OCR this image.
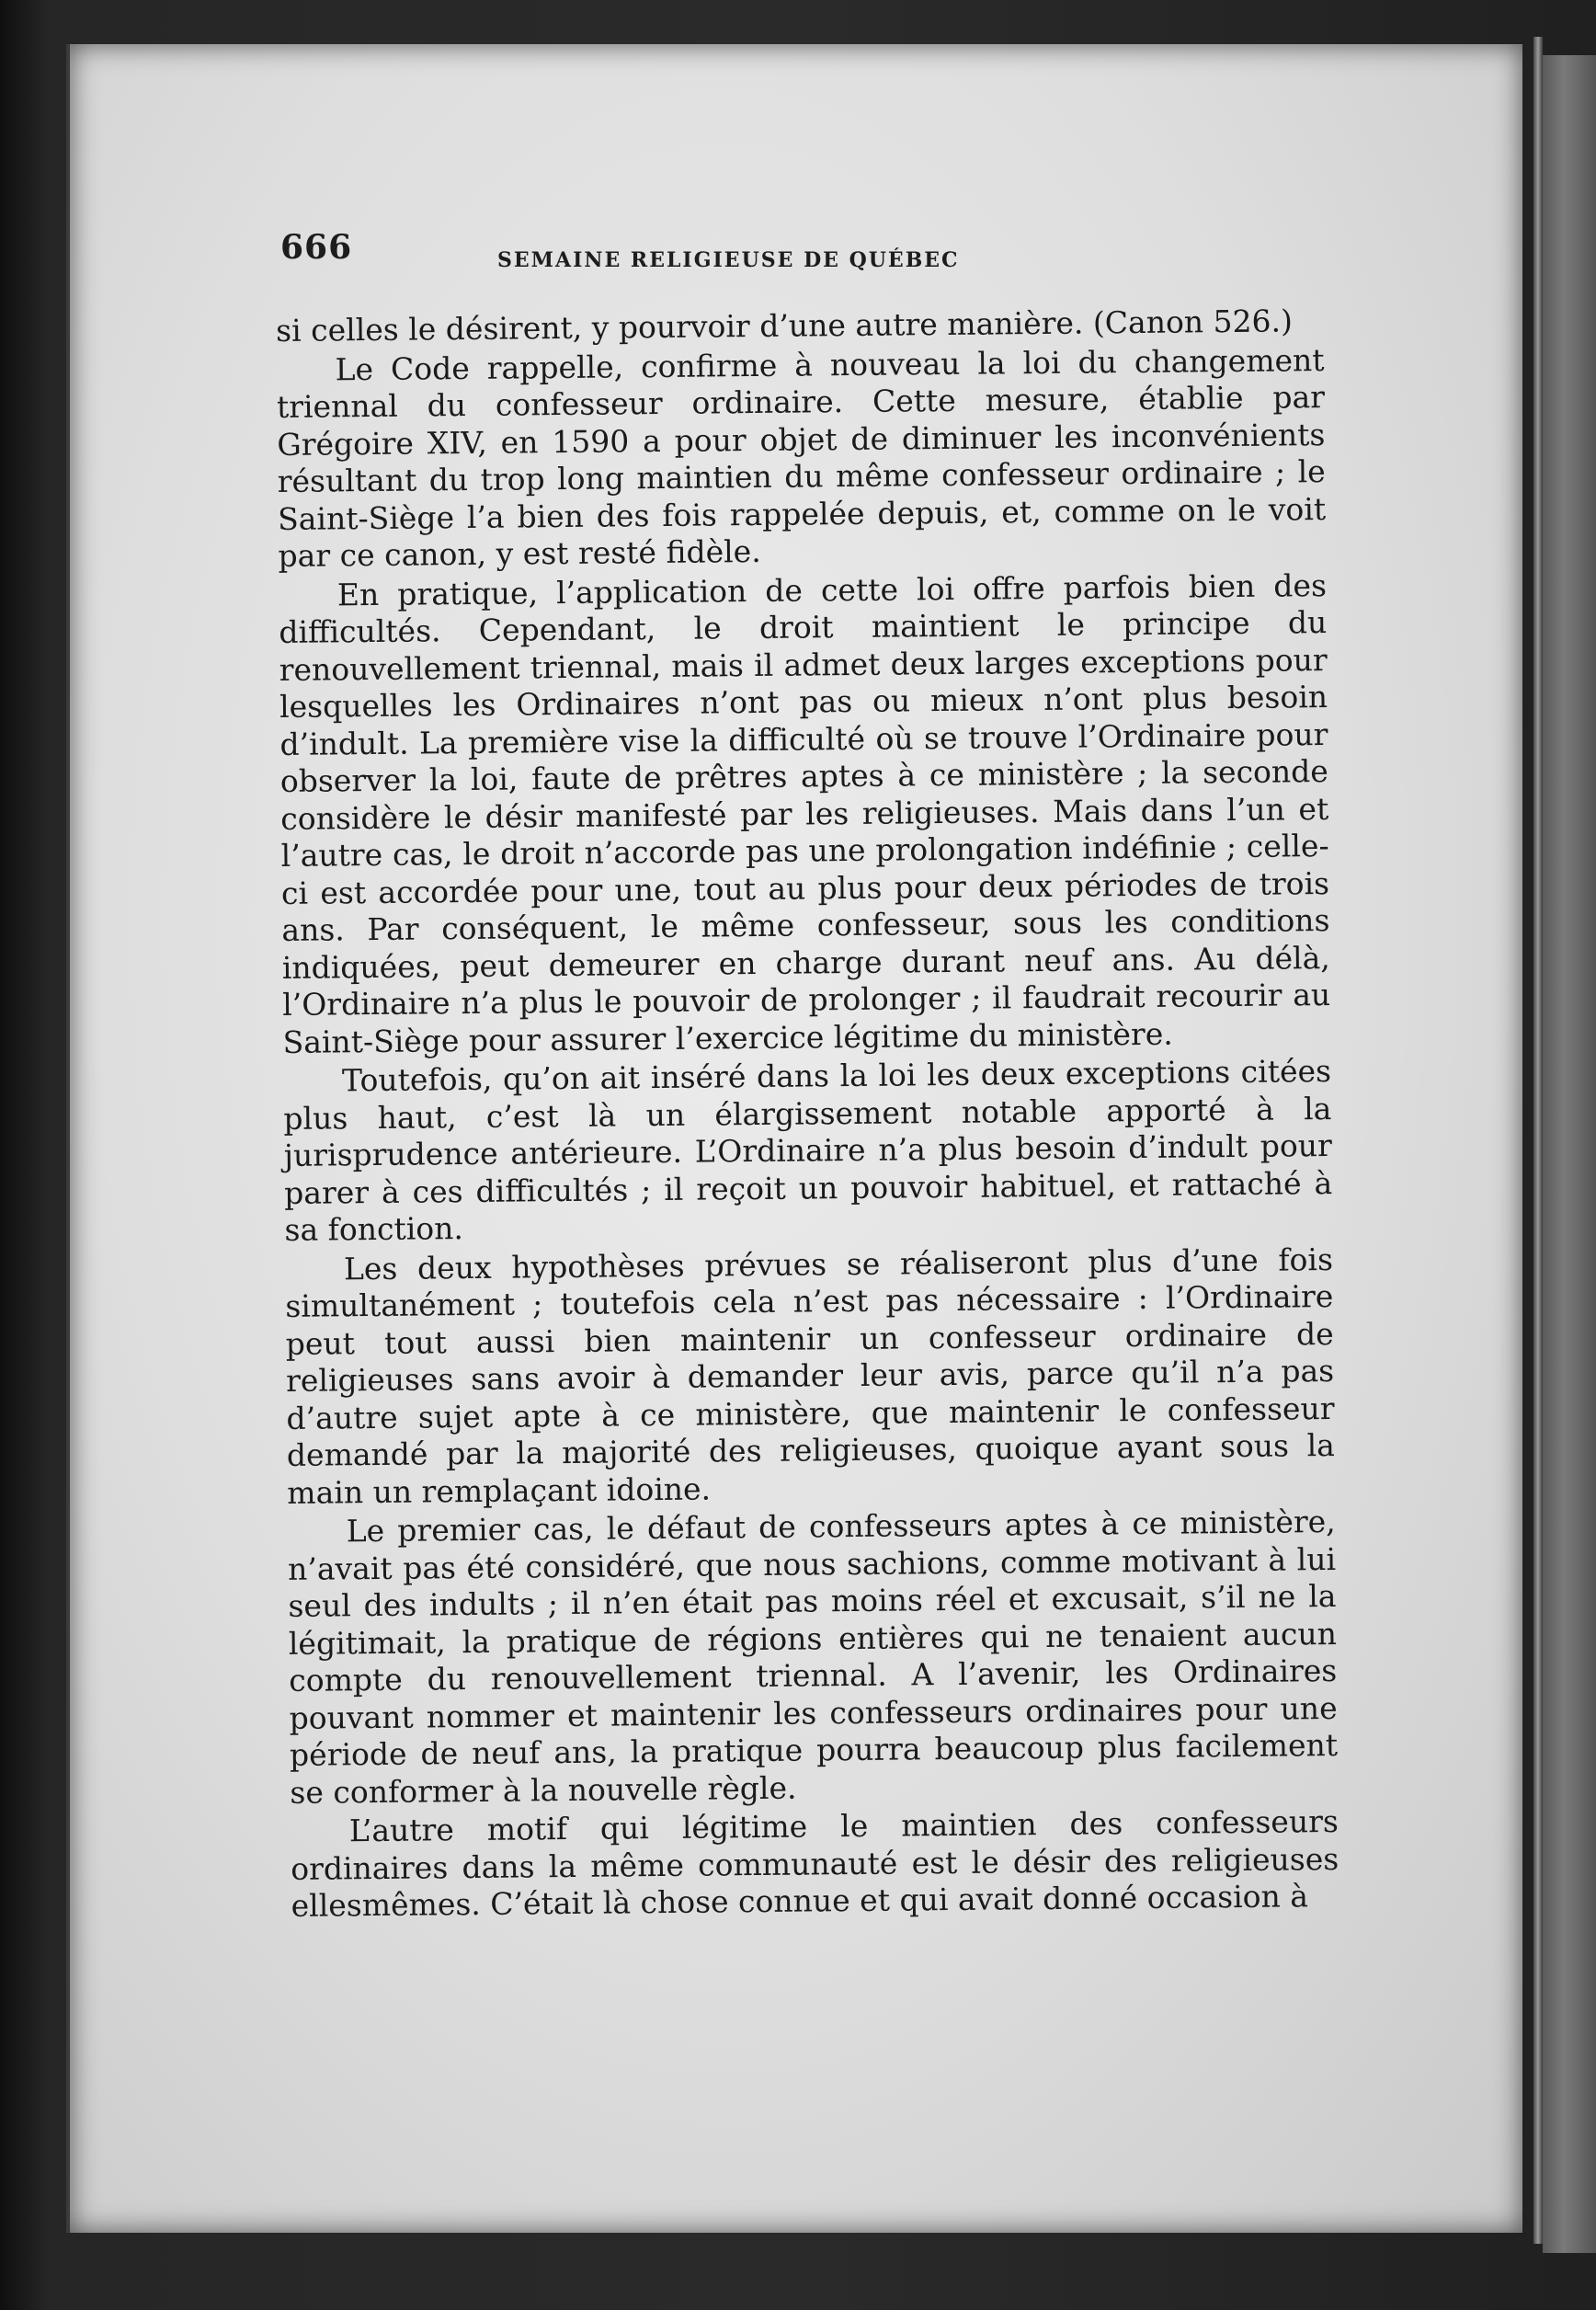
666	SEMAINE RELIGIEUSE DE QUÉBEC

si celles le désirent, y pourvoir d’une autre manière. (Canon 526.)

Le Code rappelle, confirme à nouveau la loi du changement triennal du confesseur ordinaire. Cette mesure, établie par Grégoire XIV, en 1590 a pour objet de diminuer les inconvénients résultant du trop long maintien du même confesseur ordinaire ; le Saint-Siège l’a bien des fois rappelée depuis, et, comme on le voit par ce canon, y est resté fidèle.

En pratique, l’application de cette loi offre parfois bien des difficultés. Cependant, le droit maintient le principe du renouvellement triennal, mais il admet deux larges exceptions pour lesquelles les Ordinaires n’ont pas ou mieux n’ont plus besoin d’indult. La première vise la difficulté où se trouve l’Ordinaire pour observer la loi, faute de prêtres aptes à ce ministère ; la seconde considère le désir manifesté par les religieuses. Mais dans l’un et l’autre cas, le droit n’accorde pas une prolongation indéfinie ; celle-ci est accordée pour une, tout au plus pour deux périodes de trois ans. Par conséquent, le même confesseur, sous les conditions indiquées, peut demeurer en charge durant neuf ans. Au délà, l’Ordinaire n’a plus le pouvoir de prolonger ; il faudrait recourir au Saint-Siège pour assurer l’exercice légitime du ministère.

Toutefois, qu’on ait inséré dans la loi les deux exceptions citées plus haut, c’est là un élargissement notable apporté à la jurisprudence antérieure. L’Ordinaire n’a plus besoin d’indult pour parer à ces difficultés ; il reçoit un pouvoir habituel, et rattaché à sa fonction.

Les deux hypothèses prévues se réaliseront plus d’une fois simultanément ; toutefois cela n’est pas nécessaire : l’Ordinaire peut tout aussi bien maintenir un confesseur ordinaire de religieuses sans avoir à demander leur avis, parce qu’il n’a pas d’autre sujet apte à ce ministère, que maintenir le confesseur demandé par la majorité des religieuses, quoique ayant sous la main un remplaçant idoine.

Le premier cas, le défaut de confesseurs aptes à ce ministère, n’avait pas été considéré, que nous sachions, comme motivant à lui seul des indults ; il n’en était pas moins réel et excusait, s’il ne la légitimait, la pratique de régions entières qui ne tenaient aucun compte du renouvellement triennal. A l’avenir, les Ordinaires pouvant nommer et maintenir les confesseurs ordinaires pour une période de neuf ans, la pratique pourra beaucoup plus facilement se conformer à la nouvelle règle.

L’autre motif qui légitime le maintien des confesseurs ordinaires dans la même communauté est le désir des religieuses ellesmêmes. C’était là chose connue et qui avait donné occasion à
